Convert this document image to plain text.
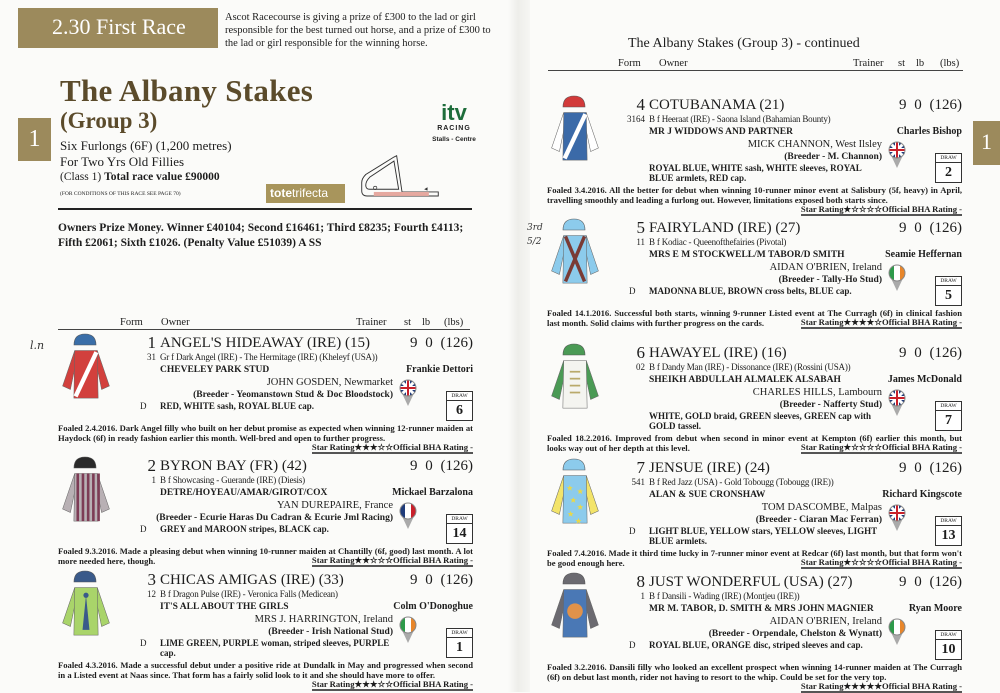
2.30 First Race	Ascot Racecourse is giving a prize of £300 to the lad or girl responsible for the best turned out horse, and a prize of £300 to the lad or girl responsible for the winning horse.
The Albany Stakes
(Group 3)
1	Six Furlongs (6F) (1,200 metres)
For Two Yrs Old Fillies
(Class 1) Total race value £90000
(FOR CONDITIONS OF THIS RACE SEE PAGE 70)	totetrifecta
itv
RACING
Stalls - Centre
Owners Prize Money. Winner £40104; Second £16461; Third £8235; Fourth £4113; Fifth £2061; Sixth £1026. (Penalty Value £51039) A SS
Form Owner	Trainer st lb (lbs)
The Albany Stakes (Group 3) - continued
Form Owner	Trainer st lb (lbs)
1
l.n
3rd
5/2
1 ANGEL'S HIDEAWAY (IRE) (15)	9 0 (126)
31 Gr f Dark Angel (IRE) - The Hermitage (IRE) (Kheleyf (USA))
CHEVELEY PARK STUD	Frankie Dettori
JOHN GOSDEN, Newmarket
(Breeder - Yeomanstown Stud & Doc Bloodstock)	DRAW
6
D RED, WHITE sash, ROYAL BLUE cap.
Foaled 2.4.2016. Dark Angel filly who built on her debut promise as expected when winning 12-runner maiden at Haydock (6f) in ready fashion earlier this month. Well-bred and open to further progress.
Star Rating★★★☆☆Official BHA Rating -
2 BYRON BAY (FR) (42)	9 0 (126)
1 B f Showcasing - Guerande (IRE) (Diesis)
DETRE/HOYEAU/AMAR/GIROT/COX	Mickael Barzalona
YAN DUREPAIRE, France
(Breeder - Ecurie Haras Du Cadran & Ecurie Jml Racing)	DRAW
14
D GREY and MAROON stripes, BLACK cap.
Foaled 9.3.2016. Made a pleasing debut when winning 10-runner maiden at Chantilly (6f, good) last month. A lot more needed here, though.	Star Rating★★☆☆☆Official BHA Rating -
3 CHICAS AMIGAS (IRE) (33)	9 0 (126)
12 B f Dragon Pulse (IRE) - Veronica Falls (Medicean)
IT'S ALL ABOUT THE GIRLS	Colm O'Donoghue
MRS J. HARRINGTON, Ireland
(Breeder - Irish National Stud)	DRAW
1
D LIME GREEN, PURPLE woman, striped sleeves, PURPLE cap.
Foaled 4.3.2016. Made a successful debut under a positive ride at Dundalk in May and progressed when second in a Listed event at Naas since. That form has a fairly solid look to it and she should have more to offer.
Star Rating★★★☆☆Official BHA Rating -
4 COTUBANAMA (21)	9 0 (126)
3164 B f Heeraat (IRE) - Saona Island (Bahamian Bounty)
MR J WIDDOWS AND PARTNER	Charles Bishop
MICK CHANNON, West Ilsley
(Breeder - M. Channon)	DRAW
2
ROYAL BLUE, WHITE sash, WHITE sleeves, ROYAL BLUE armlets, RED cap.
Foaled 3.4.2016. All the better for debut when winning 10-runner minor event at Salisbury (5f, heavy) in April, travelling smoothly and leading a furlong out. However, limitations exposed both starts since.
Star Rating★☆☆☆☆Official BHA Rating -
5 FAIRYLAND (IRE) (27)	9 0 (126)
11 B f Kodiac - Queenofthefairies (Pivotal)
MRS E M STOCKWELL/M TABOR/D SMITH	Seamie Heffernan
AIDAN O'BRIEN, Ireland
(Breeder - Tally-Ho Stud)	DRAW
5
D MADONNA BLUE, BROWN cross belts, BLUE cap.
Foaled 14.1.2016. Successful both starts, winning 9-runner Listed event at The Curragh (6f) in clinical fashion last month. Solid claims with further progress on the cards.	Star Rating★★★★☆Official BHA Rating -
6 HAWAYEL (IRE) (16)	9 0 (126)
02 B f Dandy Man (IRE) - Dissonance (IRE) (Rossini (USA))
SHEIKH ABDULLAH ALMALEK ALSABAH	James McDonald
CHARLES HILLS, Lambourn
(Breeder - Nafferty Stud)	DRAW
7
WHITE, GOLD braid, GREEN sleeves, GREEN cap with GOLD tassel.
Foaled 18.2.2016. Improved from debut when second in minor event at Kempton (6f) earlier this month, but looks way out of her depth at this level.	Star Rating★☆☆☆☆Official BHA Rating -
7 JENSUE (IRE) (24)	9 0 (126)
541 B f Red Jazz (USA) - Gold Tobougg (Tobougg (IRE))
ALAN & SUE CRONSHAW	Richard Kingscote
TOM DASCOMBE, Malpas
(Breeder - Ciaran Mac Ferran)	DRAW
13
D LIGHT BLUE, YELLOW stars, YELLOW sleeves, LIGHT BLUE armlets.
Foaled 7.4.2016. Made it third time lucky in 7-runner minor event at Redcar (6f) last month, but that form won't be good enough here.	Star Rating★☆☆☆☆Official BHA Rating -
8 JUST WONDERFUL (USA) (27)	9 0 (126)
1 B f Dansili - Wading (IRE) (Montjeu (IRE))
MR M. TABOR, D. SMITH & MRS JOHN MAGNIER	Ryan Moore
AIDAN O'BRIEN, Ireland
(Breeder - Orpendale, Chelston & Wynatt)	DRAW
10
D ROYAL BLUE, ORANGE disc, striped sleeves and cap.
Foaled 3.2.2016. Dansili filly who looked an excellent prospect when winning 14-runner maiden at The Curragh (6f) on debut last month, rider not having to resort to the whip. Could be set for the very top.
Star Rating★★★★★Official BHA Rating -
